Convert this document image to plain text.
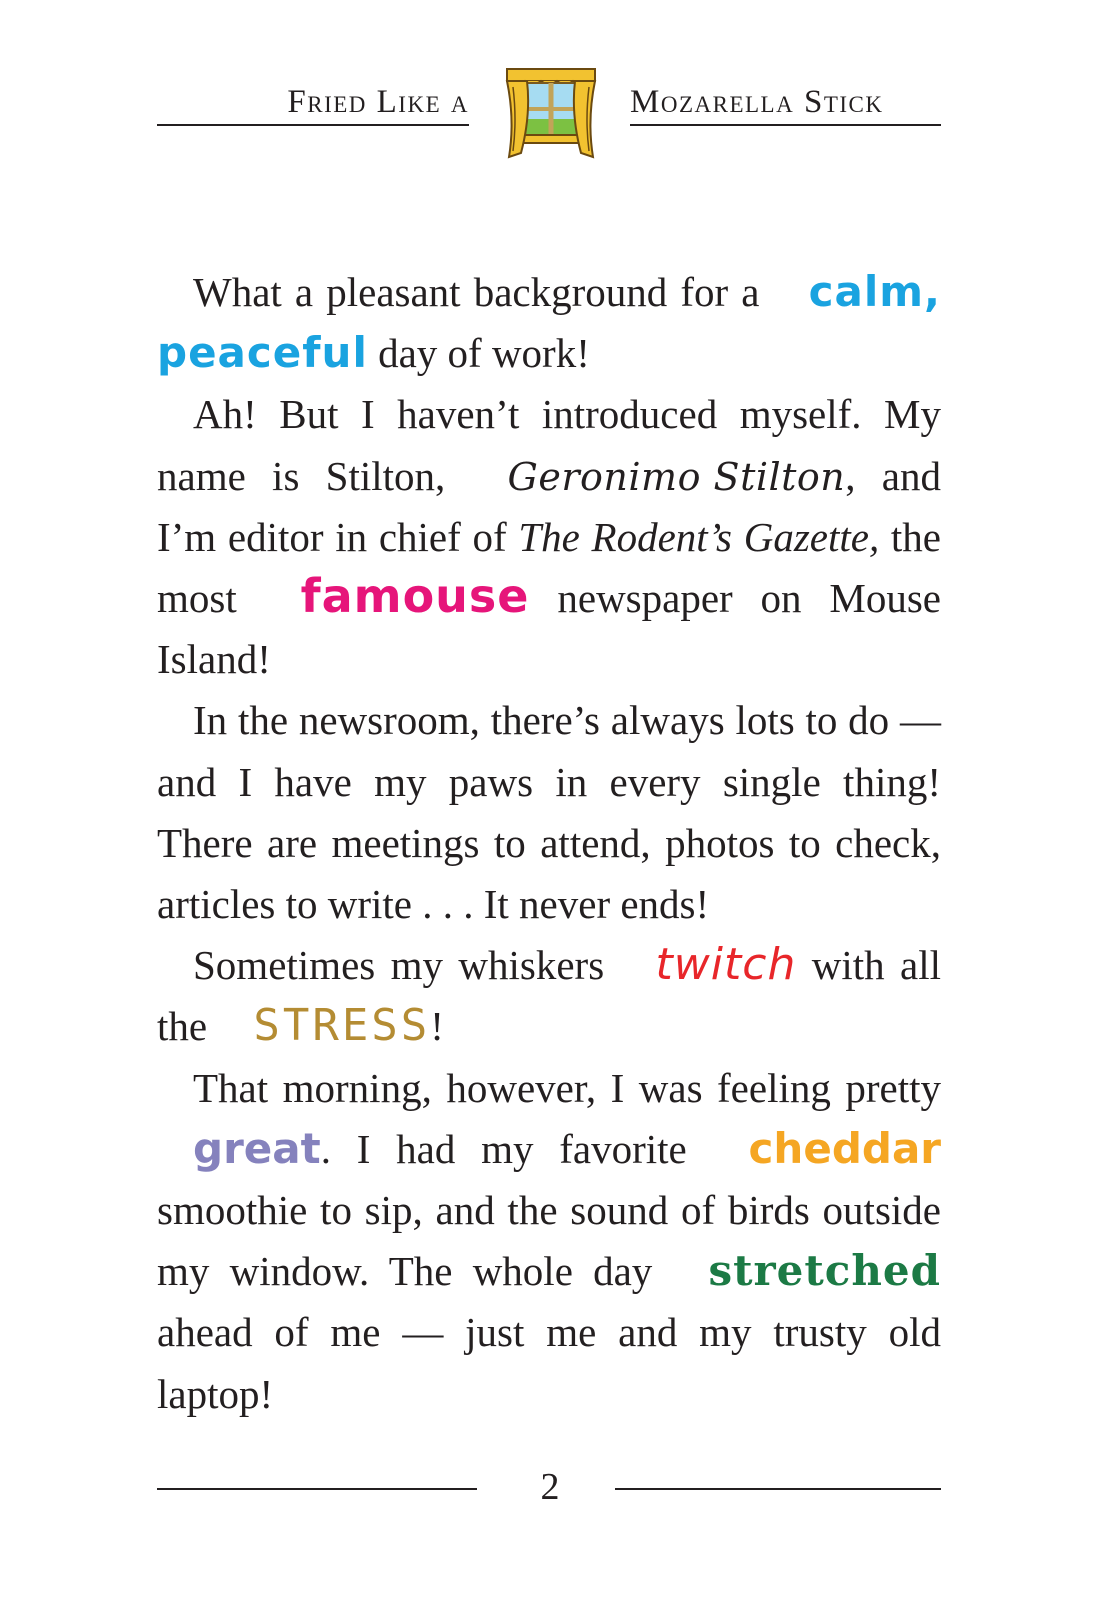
Fried Like a	Mozarella Stick

What a pleasant background for a calm,
peaceful day of work!

Ah! But I haven’t introduced myself. My name is Stilton, Geronimo Stilton, and I’m editor in chief of The Rodent’s Gazette, the most famouse newspaper on Mouse Island!

In the newsroom, there’s always lots to do — and I have my paws in every single thing! There are meetings to attend, photos to check, articles to write . . . It never ends!

Sometimes my whiskers twitch with all the STRESS!

That morning, however, I was feeling pretty great. I had my favorite cheddar smoothie to sip, and the sound of birds outside my window. The whole day stretched ahead of me — just me and my trusty old laptop!

2
